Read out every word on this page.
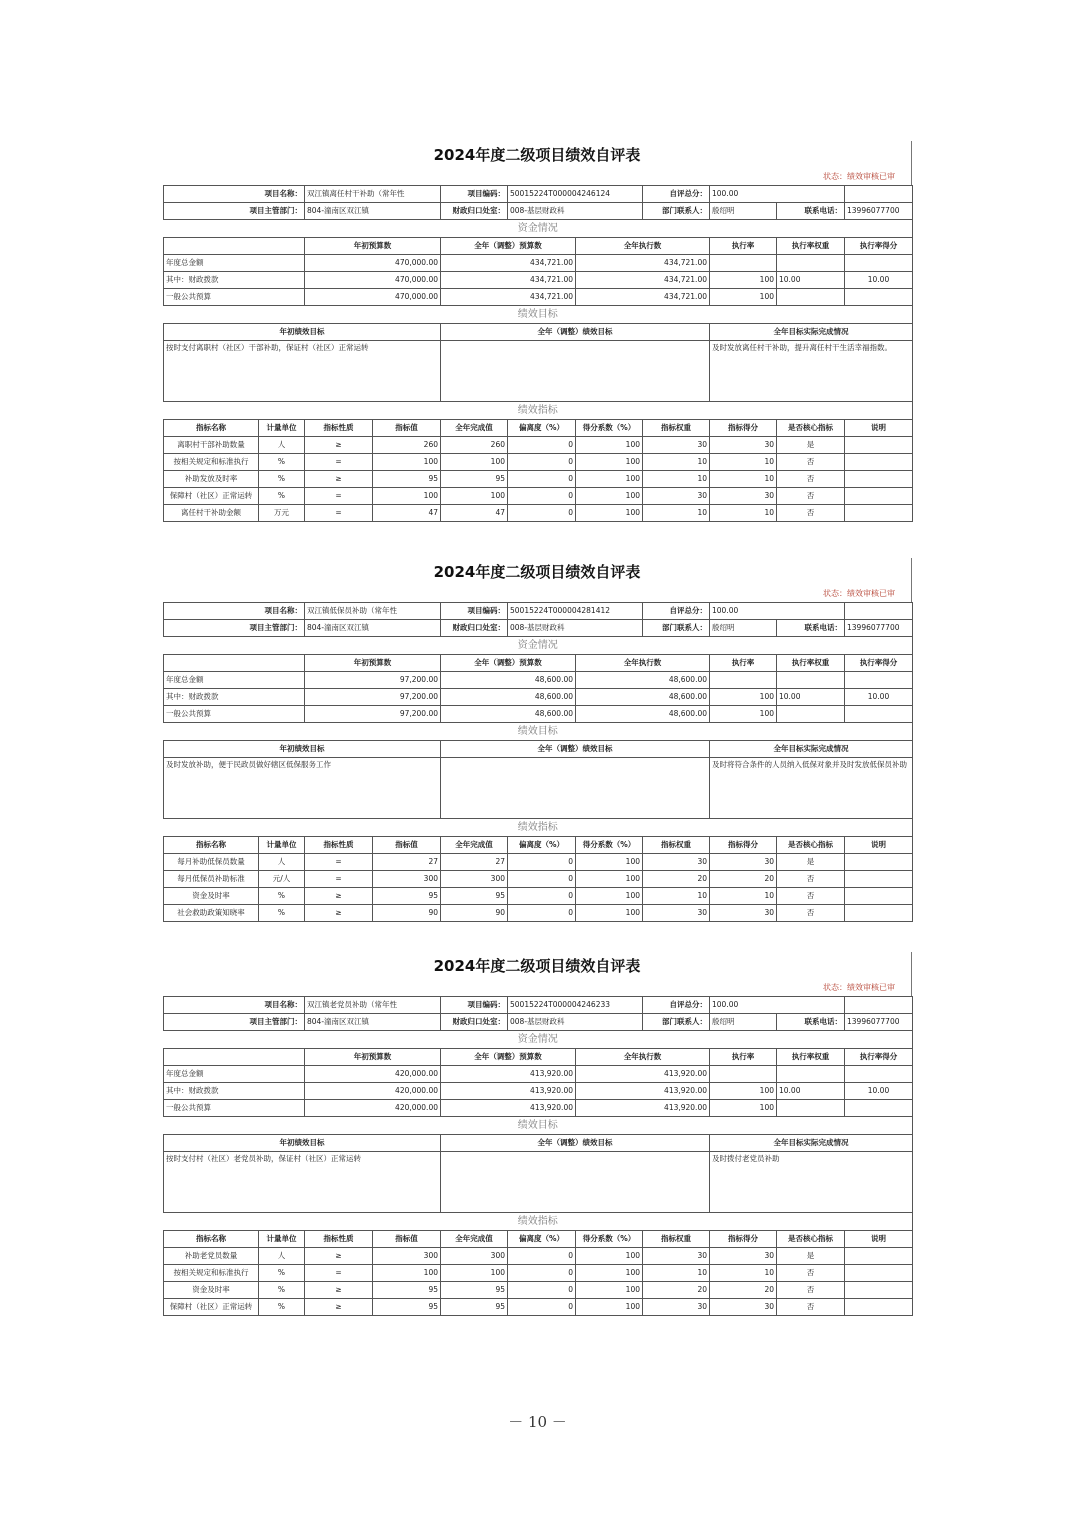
2024年度二级项目绩效自评表
状态：绩效审核已审
项目名称：		双江镇离任村干补助（常年性		项目编码：	50015224T000004246124		自评总分：	100.00		
项目主管部门：		804-潼南区双江镇		财政归口处室：	008-基层财政科		部门联系人：	殷绍明	联系电话：	13996077700
资金情况										
		年初预算数		全年（调整）预算数		全年执行数		执行率	执行率权重	执行率得分
年度总金额		470,000.00		434,721.00		434,721.00				
其中：财政拨款		470,000.00		434,721.00		434,721.00		100	10.00	10.00
一般公共预算		470,000.00		434,721.00		434,721.00		100		
绩效目标										
年初绩效目标				全年（调整）绩效目标				全年目标实际完成情况		
按时支付离职村（社区）干部补助，保证村（社区）正常运转								及时发放离任村干补助，提升离任村干生活幸福指数。		
绩效指标										
指标名称	计量单位	指标性质	指标值	全年完成值	偏离度（%）	得分系数（%）	指标权重	指标得分	是否核心指标	说明
离职村干部补助数量	人	≥	260	260	0	100	30	30	是	
按相关规定和标准执行	%	=	100	100	0	100	10	10	否	
补助发放及时率	%	≥	95	95	0	100	10	10	否	
保障村（社区）正常运转	%	=	100	100	0	100	30	30	否	
离任村干补助金额	万元	=	47	47	0	100	10	10	否	
2024年度二级项目绩效自评表
状态：绩效审核已审
项目名称：		双江镇低保员补助（常年性		项目编码：	50015224T000004281412		自评总分：	100.00		
项目主管部门：		804-潼南区双江镇		财政归口处室：	008-基层财政科		部门联系人：	殷绍明	联系电话：	13996077700
资金情况										
		年初预算数		全年（调整）预算数		全年执行数		执行率	执行率权重	执行率得分
年度总金额		97,200.00		48,600.00		48,600.00				
其中：财政拨款		97,200.00		48,600.00		48,600.00		100	10.00	10.00
一般公共预算		97,200.00		48,600.00		48,600.00		100		
绩效目标										
年初绩效目标				全年（调整）绩效目标				全年目标实际完成情况		
及时发放补助，便于民政员做好辖区低保服务工作								及时将符合条件的人员纳入低保对象并及时发放低保员补助		
绩效指标										
指标名称	计量单位	指标性质	指标值	全年完成值	偏离度（%）	得分系数（%）	指标权重	指标得分	是否核心指标	说明
每月补助低保员数量	人	=	27	27	0	100	30	30	是	
每月低保员补助标准	元/人	=	300	300	0	100	20	20	否	
资金及时率	%	≥	95	95	0	100	10	10	否	
社会救助政策知晓率	%	≥	90	90	0	100	30	30	否	
2024年度二级项目绩效自评表
状态：绩效审核已审
项目名称：		双江镇老党员补助（常年性		项目编码：	50015224T000004246233		自评总分：	100.00		
项目主管部门：		804-潼南区双江镇		财政归口处室：	008-基层财政科		部门联系人：	殷绍明	联系电话：	13996077700
资金情况										
		年初预算数		全年（调整）预算数		全年执行数		执行率	执行率权重	执行率得分
年度总金额		420,000.00		413,920.00		413,920.00				
其中：财政拨款		420,000.00		413,920.00		413,920.00		100	10.00	10.00
一般公共预算		420,000.00		413,920.00		413,920.00		100		
绩效目标										
年初绩效目标				全年（调整）绩效目标				全年目标实际完成情况		
按时支付村（社区）老党员补助，保证村（社区）正常运转								及时拨付老党员补助		
绩效指标										
指标名称	计量单位	指标性质	指标值	全年完成值	偏离度（%）	得分系数（%）	指标权重	指标得分	是否核心指标	说明
补助老党员数量	人	≥	300	300	0	100	30	30	是	
按相关规定和标准执行	%	=	100	100	0	100	10	10	否	
资金及时率	%	≥	95	95	0	100	20	20	否	
保障村（社区）正常运转	%	≥	95	95	0	100	30	30	否	
－ 10 －
